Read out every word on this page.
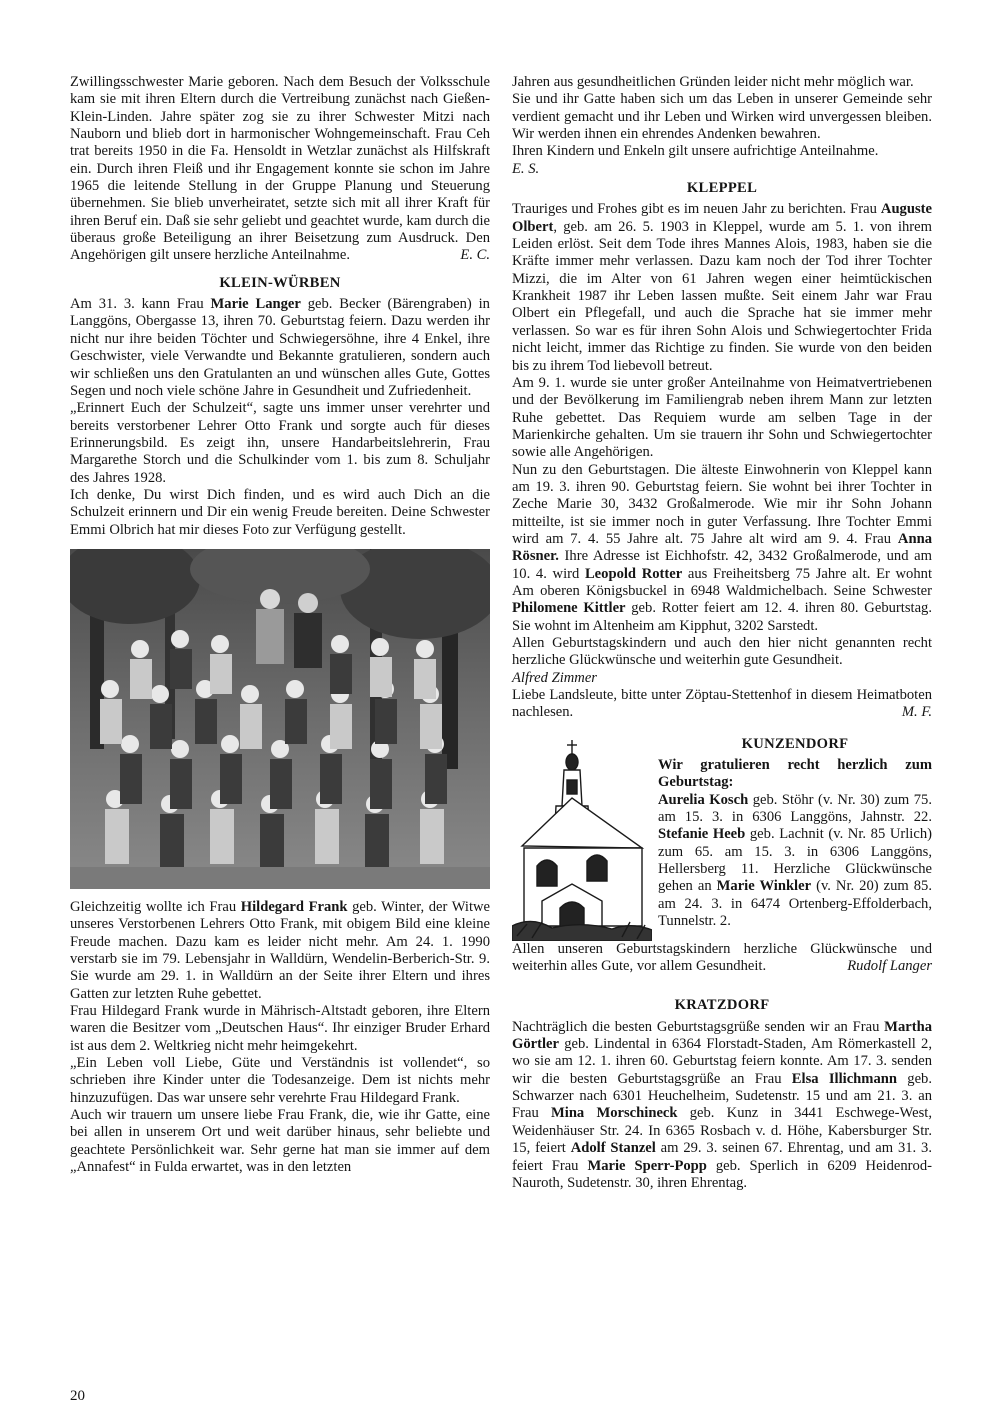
Zwillingsschwester Marie geboren. Nach dem Besuch der Volksschule kam sie mit ihren Eltern durch die Vertreibung zunächst nach Gießen-Klein-Linden. Jahre später zog sie zu ihrer Schwester Mitzi nach Nauborn und blieb dort in harmonischer Wohngemeinschaft. Frau Ceh trat bereits 1950 in die Fa. Hensoldt in Wetzlar zunächst als Hilfskraft ein. Durch ihren Fleiß und ihr Engagement konnte sie schon im Jahre 1965 die leitende Stellung in der Gruppe Planung und Steuerung übernehmen. Sie blieb unverheiratet, setzte sich mit all ihrer Kraft für ihren Beruf ein. Daß sie sehr geliebt und geachtet wurde, kam durch die überaus große Beteiligung an ihrer Beisetzung zum Ausdruck. Den Angehörigen gilt unsere herzliche Anteilnahme.	E. C.

KLEIN-WÜRBEN

Am 31. 3. kann Frau Marie Langer geb. Becker (Bärengraben) in Langgöns, Obergasse 13, ihren 70. Geburtstag feiern. Dazu werden ihr nicht nur ihre beiden Töchter und Schwiegersöhne, ihre 4 Enkel, ihre Geschwister, viele Verwandte und Bekannte gratulieren, sondern auch wir schließen uns den Gratulanten an und wünschen alles Gute, Gottes Segen und noch viele schöne Jahre in Gesundheit und Zufriedenheit.

„Erinnert Euch der Schulzeit“, sagte uns immer unser verehrter und bereits verstorbener Lehrer Otto Frank und sorgte auch für dieses Erinnerungsbild. Es zeigt ihn, unsere Handarbeitslehrerin, Frau Margarethe Storch und die Schulkinder vom 1. bis zum 8. Schuljahr des Jahres 1928.

Ich denke, Du wirst Dich finden, und es wird auch Dich an die Schulzeit erinnern und Dir ein wenig Freude bereiten. Deine Schwester Emmi Olbrich hat mir dieses Foto zur Verfügung gestellt.

Gleichzeitig wollte ich Frau Hildegard Frank geb. Winter, der Witwe unseres Verstorbenen Lehrers Otto Frank, mit obigem Bild eine kleine Freude machen. Dazu kam es leider nicht mehr. Am 24. 1. 1990 verstarb sie im 79. Lebensjahr in Walldürn, Wendelin-Berberich-Str. 9. Sie wurde am 29. 1. in Walldürn an der Seite ihrer Eltern und ihres Gatten zur letzten Ruhe gebettet.

Frau Hildegard Frank wurde in Mährisch-Altstadt geboren, ihre Eltern waren die Besitzer vom „Deutschen Haus“. Ihr einziger Bruder Erhard ist aus dem 2. Weltkrieg nicht mehr heimgekehrt.

„Ein Leben voll Liebe, Güte und Verständnis ist vollendet“, so schrieben ihre Kinder unter die Todesanzeige. Dem ist nichts mehr hinzuzufügen. Das war unsere sehr verehrte Frau Hildegard Frank.

Auch wir trauern um unsere liebe Frau Frank, die, wie ihr Gatte, eine bei allen in unserem Ort und weit darüber hinaus, sehr beliebte und geachtete Persönlichkeit war. Sehr gerne hat man sie immer auf dem „Annafest“ in Fulda erwartet, was in den letzten

Jahren aus gesundheitlichen Gründen leider nicht mehr möglich war.

Sie und ihr Gatte haben sich um das Leben in unserer Gemeinde sehr verdient gemacht und ihr Leben und Wirken wird unvergessen bleiben. Wir werden ihnen ein ehrendes Andenken bewahren.

Ihren Kindern und Enkeln gilt unsere aufrichtige Anteilnahme.

E. S.

KLEPPEL

Trauriges und Frohes gibt es im neuen Jahr zu berichten. Frau Auguste Olbert, geb. am 26. 5. 1903 in Kleppel, wurde am 5. 1. von ihrem Leiden erlöst. Seit dem Tode ihres Mannes Alois, 1983, haben sie die Kräfte immer mehr verlassen. Dazu kam noch der Tod ihrer Tochter Mizzi, die im Alter von 61 Jahren wegen einer heimtückischen Krankheit 1987 ihr Leben lassen mußte. Seit einem Jahr war Frau Olbert ein Pflegefall, und auch die Sprache hat sie immer mehr verlassen. So war es für ihren Sohn Alois und Schwiegertochter Frida nicht leicht, immer das Richtige zu finden. Sie wurde von den beiden bis zu ihrem Tod liebevoll betreut.

Am 9. 1. wurde sie unter großer Anteilnahme von Heimatvertriebenen und der Bevölkerung im Familiengrab neben ihrem Mann zur letzten Ruhe gebettet. Das Requiem wurde am selben Tage in der Marienkirche gehalten. Um sie trauern ihr Sohn und Schwiegertochter sowie alle Angehörigen.

Nun zu den Geburtstagen. Die älteste Einwohnerin von Kleppel kann am 19. 3. ihren 90. Geburtstag feiern. Sie wohnt bei ihrer Tochter in Zeche Marie 30, 3432 Großalmerode. Wie mir ihr Sohn Johann mitteilte, ist sie immer noch in guter Verfassung. Ihre Tochter Emmi wird am 7. 4. 55 Jahre alt. 75 Jahre alt wird am 9. 4. Frau Anna Rösner. Ihre Adresse ist Eichhofstr. 42, 3432 Großalmerode, und am 10. 4. wird Leopold Rotter aus Freiheitsberg 75 Jahre alt. Er wohnt Am oberen Königsbuckel in 6948 Waldmichelbach. Seine Schwester Philomene Kittler geb. Rotter feiert am 12. 4. ihren 80. Geburtstag. Sie wohnt im Altenheim am Kipphut, 3202 Sarstedt.

Allen Geburtstagskindern und auch den hier nicht genannten recht herzliche Glückwünsche und weiterhin gute Gesundheit.

Alfred Zimmer

Liebe Landsleute, bitte unter Zöptau-Stettenhof in diesem Heimatboten nachlesen.	M. F.

KUNZENDORF

Wir gratulieren recht herzlich zum Geburtstag:

Aurelia Kosch geb. Stöhr (v. Nr. 30) zum 75. am 15. 3. in 6306 Langgöns, Jahnstr. 22. Stefanie Heeb geb. Lachnit (v. Nr. 85 Urlich) zum 65. am 15. 3. in 6306 Langgöns, Hellersberg 11. Herzliche Glückwünsche gehen an Marie Winkler (v. Nr. 20) zum 85. am 24. 3. in 6474 Ortenberg-Effolderbach, Tunnelstr. 2.

Allen unseren Geburtstagskindern herzliche Glückwünsche und weiterhin alles Gute, vor allem Gesundheit.	Rudolf Langer

KRATZDORF

Nachträglich die besten Geburtstagsgrüße senden wir an Frau Martha Görtler geb. Lindental in 6364 Florstadt-Staden, Am Römerkastell 2, wo sie am 12. 1. ihren 60. Geburtstag feiern konnte. Am 17. 3. senden wir die besten Geburtstagsgrüße an Frau Elsa Illichmann geb. Schwarzer nach 6301 Heuchelheim, Sudetenstr. 15 und am 21. 3. an Frau Mina Morschineck geb. Kunz in 3441 Eschwege-West, Weidenhäuser Str. 24. In 6365 Rosbach v. d. Höhe, Kabersburger Str. 15, feiert Adolf Stanzel am 29. 3. seinen 67. Ehrentag, und am 31. 3. feiert Frau Marie Sperr-Popp geb. Sperlich in 6209 Heidenrod-Nauroth, Sudetenstr. 30, ihren Ehrentag.

20
